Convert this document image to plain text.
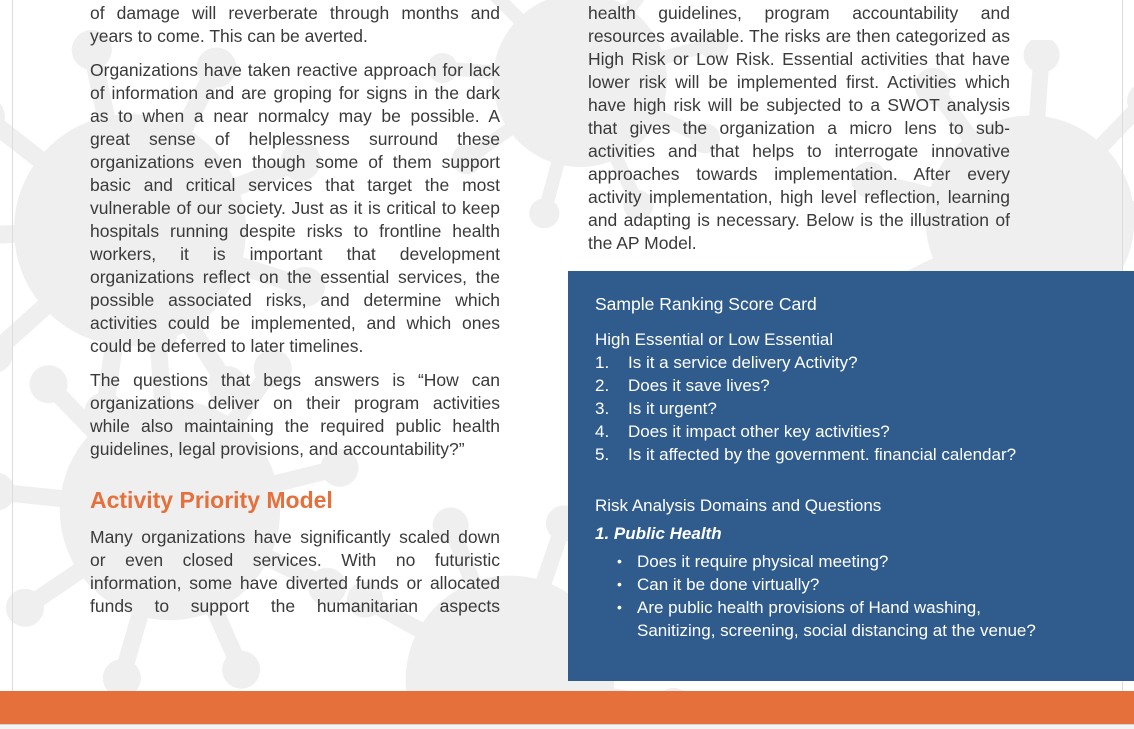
of damage will reverberate through months and years to come. This can be averted.

Organizations have taken reactive approach for lack of information and are groping for signs in the dark as to when a near normalcy may be possible. A great sense of helplessness surround these organizations even though some of them support basic and critical services that target the most vulnerable of our society. Just as it is critical to keep hospitals running despite risks to frontline health workers, it is important that development organizations reflect on the essential services, the possible associated risks, and determine which activities could be implemented, and which ones could be deferred to later timelines.

The questions that begs answers is “How can organizations deliver on their program activities while also maintaining the required public health guidelines, legal provisions, and accountability?”

Activity Priority Model

Many organizations have significantly scaled down or even closed services. With no futuristic information, some have diverted funds or allocated funds to support the humanitarian aspects

health guidelines, program accountability and resources available. The risks are then categorized as High Risk or Low Risk. Essential activities that have lower risk will be implemented first. Activities which have high risk will be subjected to a SWOT analysis that gives the organization a micro lens to sub-activities and that helps to interrogate innovative approaches towards implementation. After every activity implementation, high level reflection, learning and adapting is necessary. Below is the illustration of the AP Model.

Sample Ranking Score Card
High Essential or Low Essential
1.	Is it a service delivery Activity?
2.	Does it save lives?
3.	Is it urgent?
4.	Does it impact other key activities?
5.	Is it affected by the government. financial calendar?
Risk Analysis Domains and Questions
1. Public Health
• Does it require physical meeting?
• Can it be done virtually?
• Are public health provisions of Hand washing, Sanitizing, screening, social distancing at the venue?
